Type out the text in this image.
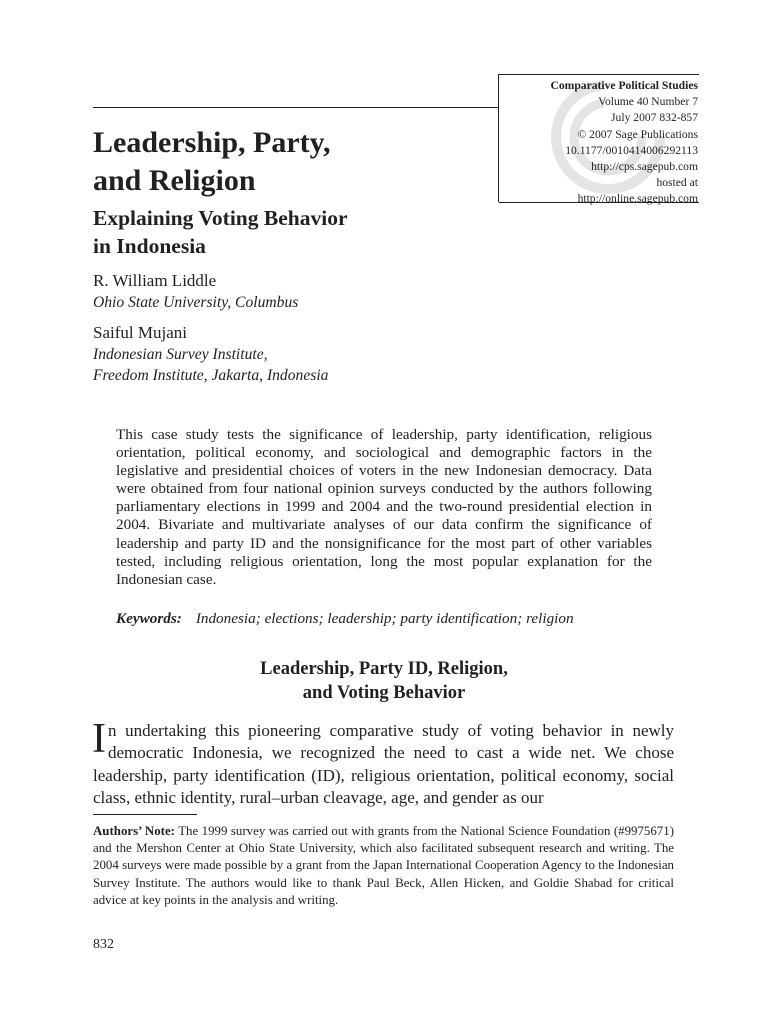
Comparative Political Studies
Volume 40 Number 7
July 2007 832-857
© 2007 Sage Publications
10.1177/0010414006292113
http://cps.sagepub.com
hosted at
http://online.sagepub.com
Leadership, Party,
and Religion
Explaining Voting Behavior
in Indonesia
R. William Liddle
Ohio State University, Columbus
Saiful Mujani
Indonesian Survey Institute,
Freedom Institute, Jakarta, Indonesia
This case study tests the significance of leadership, party identification, religious orientation, political economy, and sociological and demographic factors in the legislative and presidential choices of voters in the new Indonesian democracy. Data were obtained from four national opinion surveys conducted by the authors following parliamentary elections in 1999 and 2004 and the two-round presidential election in 2004. Bivariate and multivariate analyses of our data confirm the significance of leadership and party ID and the nonsignificance for the most part of other variables tested, including religious orientation, long the most popular explanation for the Indonesian case.
Keywords: Indonesia; elections; leadership; party identification; religion
Leadership, Party ID, Religion,
and Voting Behavior
In undertaking this pioneering comparative study of voting behavior in newly democratic Indonesia, we recognized the need to cast a wide net. We chose leadership, party identification (ID), religious orientation, political economy, social class, ethnic identity, rural–urban cleavage, age, and gender as our
Authors’ Note: The 1999 survey was carried out with grants from the National Science Foundation (#9975671) and the Mershon Center at Ohio State University, which also facilitated subsequent research and writing. The 2004 surveys were made possible by a grant from the Japan International Cooperation Agency to the Indonesian Survey Institute. The authors would like to thank Paul Beck, Allen Hicken, and Goldie Shabad for critical advice at key points in the analysis and writing.
832
